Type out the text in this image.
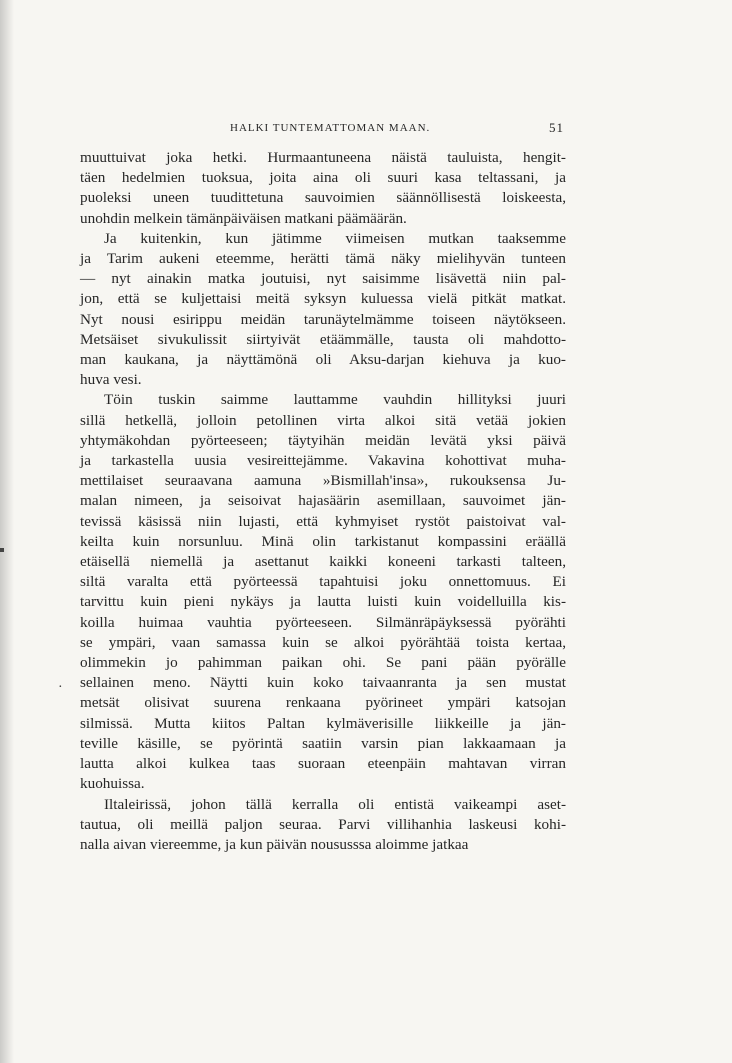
HALKI TUNTEMATTOMAN MAAN.	51

muuttuivat joka hetki. Hurmaantuneena näistä tauluista, hengit-
täen hedelmien tuoksua, joita aina oli suuri kasa teltassani, ja
puoleksi uneen tuudittetuna sauvoimien säännöllisestä loiskeesta,
unohdin melkein tämänpäiväisen matkani päämäärän.

Ja kuitenkin, kun jätimme viimeisen mutkan taaksemme
ja Tarim aukeni eteemme, herätti tämä näky mielihyvän tunteen
— nyt ainakin matka joutuisi, nyt saisimme lisävettä niin pal-
jon, että se kuljettaisi meitä syksyn kuluessa vielä pitkät matkat.
Nyt nousi esirippu meidän tarunäytelmämme toiseen näytökseen.
Metsäiset sivukulissit siirtyivät etäämmälle, tausta oli mahdotto-
man kaukana, ja näyttämönä oli Aksu-darjan kiehuva ja kuo-
huva vesi.

Töin tuskin saimme lauttamme vauhdin hillityksi juuri
sillä hetkellä, jolloin petollinen virta alkoi sitä vetää jokien
yhtymäkohdan pyörteeseen; täytyihän meidän levätä yksi päivä
ja tarkastella uusia vesireittejämme. Vakavina kohottivat muha-
mettilaiset seuraavana aamuna »Bismillah'insa», rukouksensa Ju-
malan nimeen, ja seisoivat hajasäärin asemillaan, sauvoimet jän-
tevissä käsissä niin lujasti, että kyhmyiset rystöt paistoivat val-
keilta kuin norsunluu. Minä olin tarkistanut kompassini eräällä
etäisellä niemellä ja asettanut kaikki koneeni tarkasti talteen,
siltä varalta että pyörteessä tapahtuisi joku onnettomuus. Ei
tarvittu kuin pieni nykäys ja lautta luisti kuin voidelluilla kis-
koilla huimaa vauhtia pyörteeseen. Silmänräpäyksessä pyörähti
se ympäri, vaan samassa kuin se alkoi pyörähtää toista kertaa,
olimmekin jo pahimman paikan ohi. Se pani pään pyörälle
sellainen meno. Näytti kuin koko taivaanranta ja sen mustat
metsät olisivat suurena renkaana pyörineet ympäri katsojan
silmissä. Mutta kiitos Paltan kylmäverisille liikkeille ja jän-
teville käsille, se pyörintä saatiin varsin pian lakkaamaan ja
lautta alkoi kulkea taas suoraan eteenpäin mahtavan virran
kuohuissa.

Iltaleirissä, johon tällä kerralla oli entistä vaikeampi aset-
tautua, oli meillä paljon seuraa. Parvi villihanhia laskeusi kohi-
nalla aivan viereemme, ja kun päivän noususssa aloimme jatkaa

·
